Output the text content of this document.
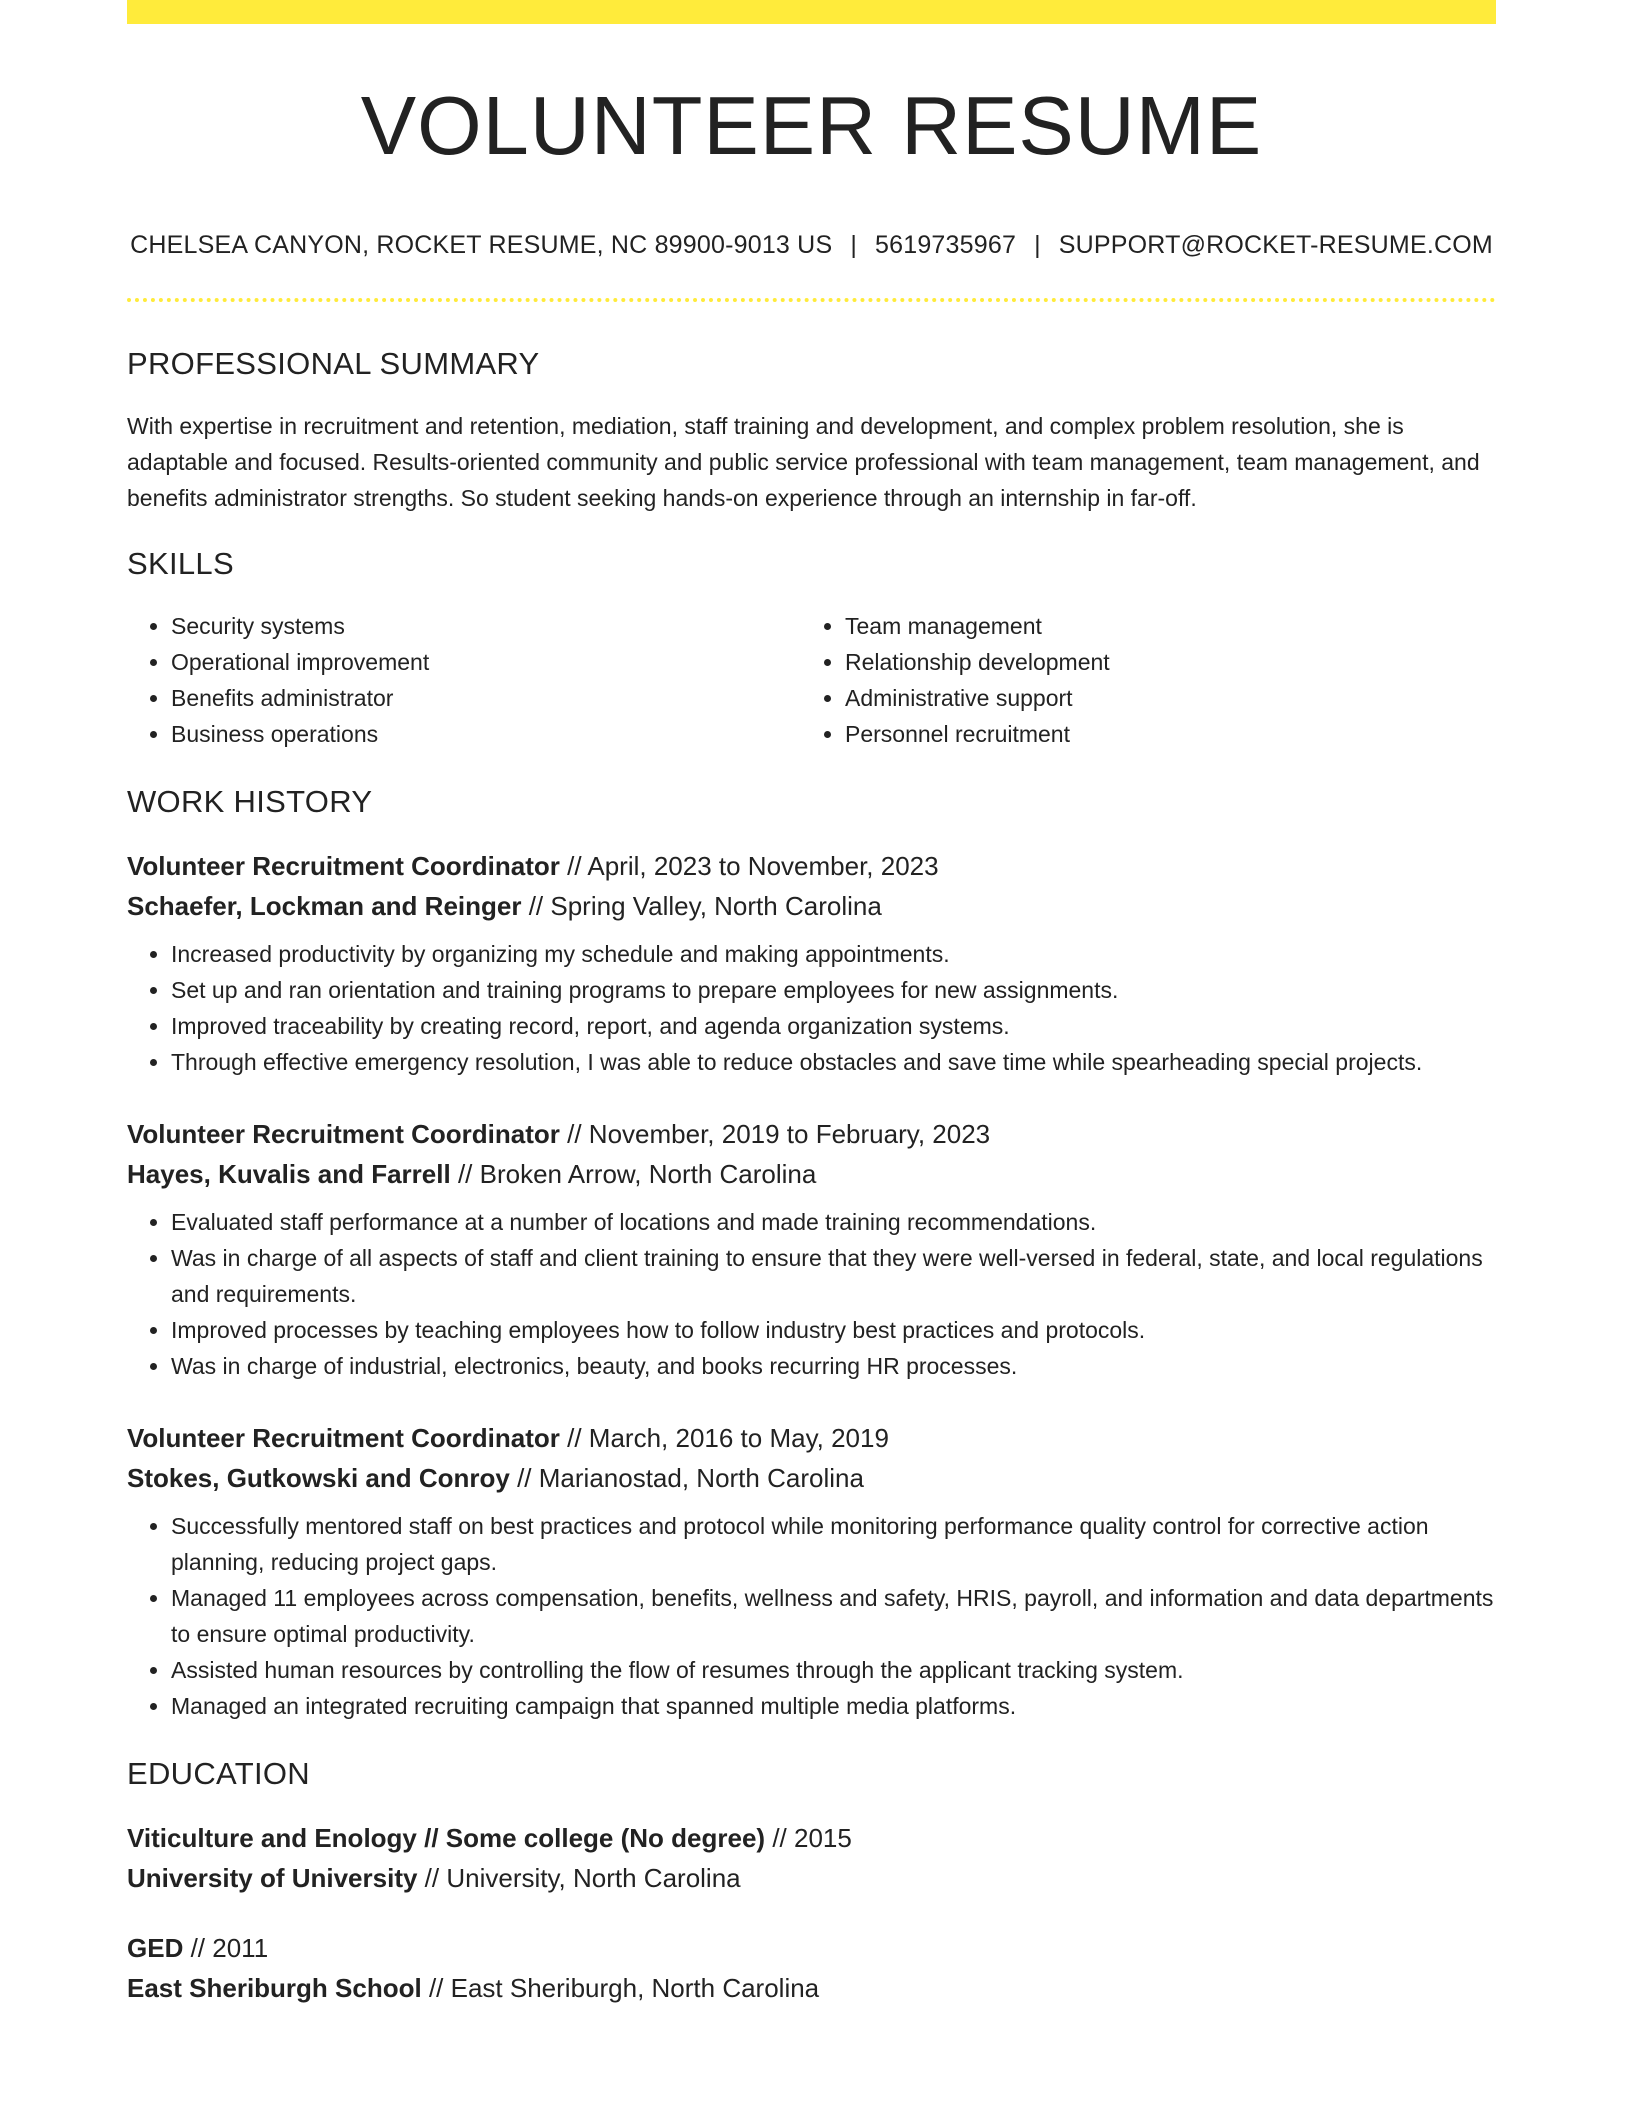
VOLUNTEER RESUME
CHELSEA CANYON, ROCKET RESUME, NC 89900-9013 US | 5619735967 | SUPPORT@ROCKET-RESUME.COM
PROFESSIONAL SUMMARY

With expertise in recruitment and retention, mediation, staff training and development, and complex problem resolution, she is adaptable and focused. Results-oriented community and public service professional with team management, team management, and benefits administrator strengths. So student seeking hands-on experience through an internship in far-off.

SKILLS
• Security systems
• Operational improvement
• Benefits administrator
• Business operations
• Team management
• Relationship development
• Administrative support
• Personnel recruitment
WORK HISTORY
Volunteer Recruitment Coordinator // April, 2023 to November, 2023
Schaefer, Lockman and Reinger // Spring Valley, North Carolina
• Increased productivity by organizing my schedule and making appointments.
• Set up and ran orientation and training programs to prepare employees for new assignments.
• Improved traceability by creating record, report, and agenda organization systems.
• Through effective emergency resolution, I was able to reduce obstacles and save time while spearheading special projects.
Volunteer Recruitment Coordinator // November, 2019 to February, 2023
Hayes, Kuvalis and Farrell // Broken Arrow, North Carolina
• Evaluated staff performance at a number of locations and made training recommendations.
• Was in charge of all aspects of staff and client training to ensure that they were well-versed in federal, state, and local regulations and requirements.
• Improved processes by teaching employees how to follow industry best practices and protocols.
• Was in charge of industrial, electronics, beauty, and books recurring HR processes.
Volunteer Recruitment Coordinator // March, 2016 to May, 2019
Stokes, Gutkowski and Conroy // Marianostad, North Carolina
• Successfully mentored staff on best practices and protocol while monitoring performance quality control for corrective action planning, reducing project gaps.
• Managed 11 employees across compensation, benefits, wellness and safety, HRIS, payroll, and information and data departments to ensure optimal productivity.
• Assisted human resources by controlling the flow of resumes through the applicant tracking system.
• Managed an integrated recruiting campaign that spanned multiple media platforms.
EDUCATION
Viticulture and Enology // Some college (No degree) // 2015
University of University // University, North Carolina
GED // 2011
East Sheriburgh School // East Sheriburgh, North Carolina
